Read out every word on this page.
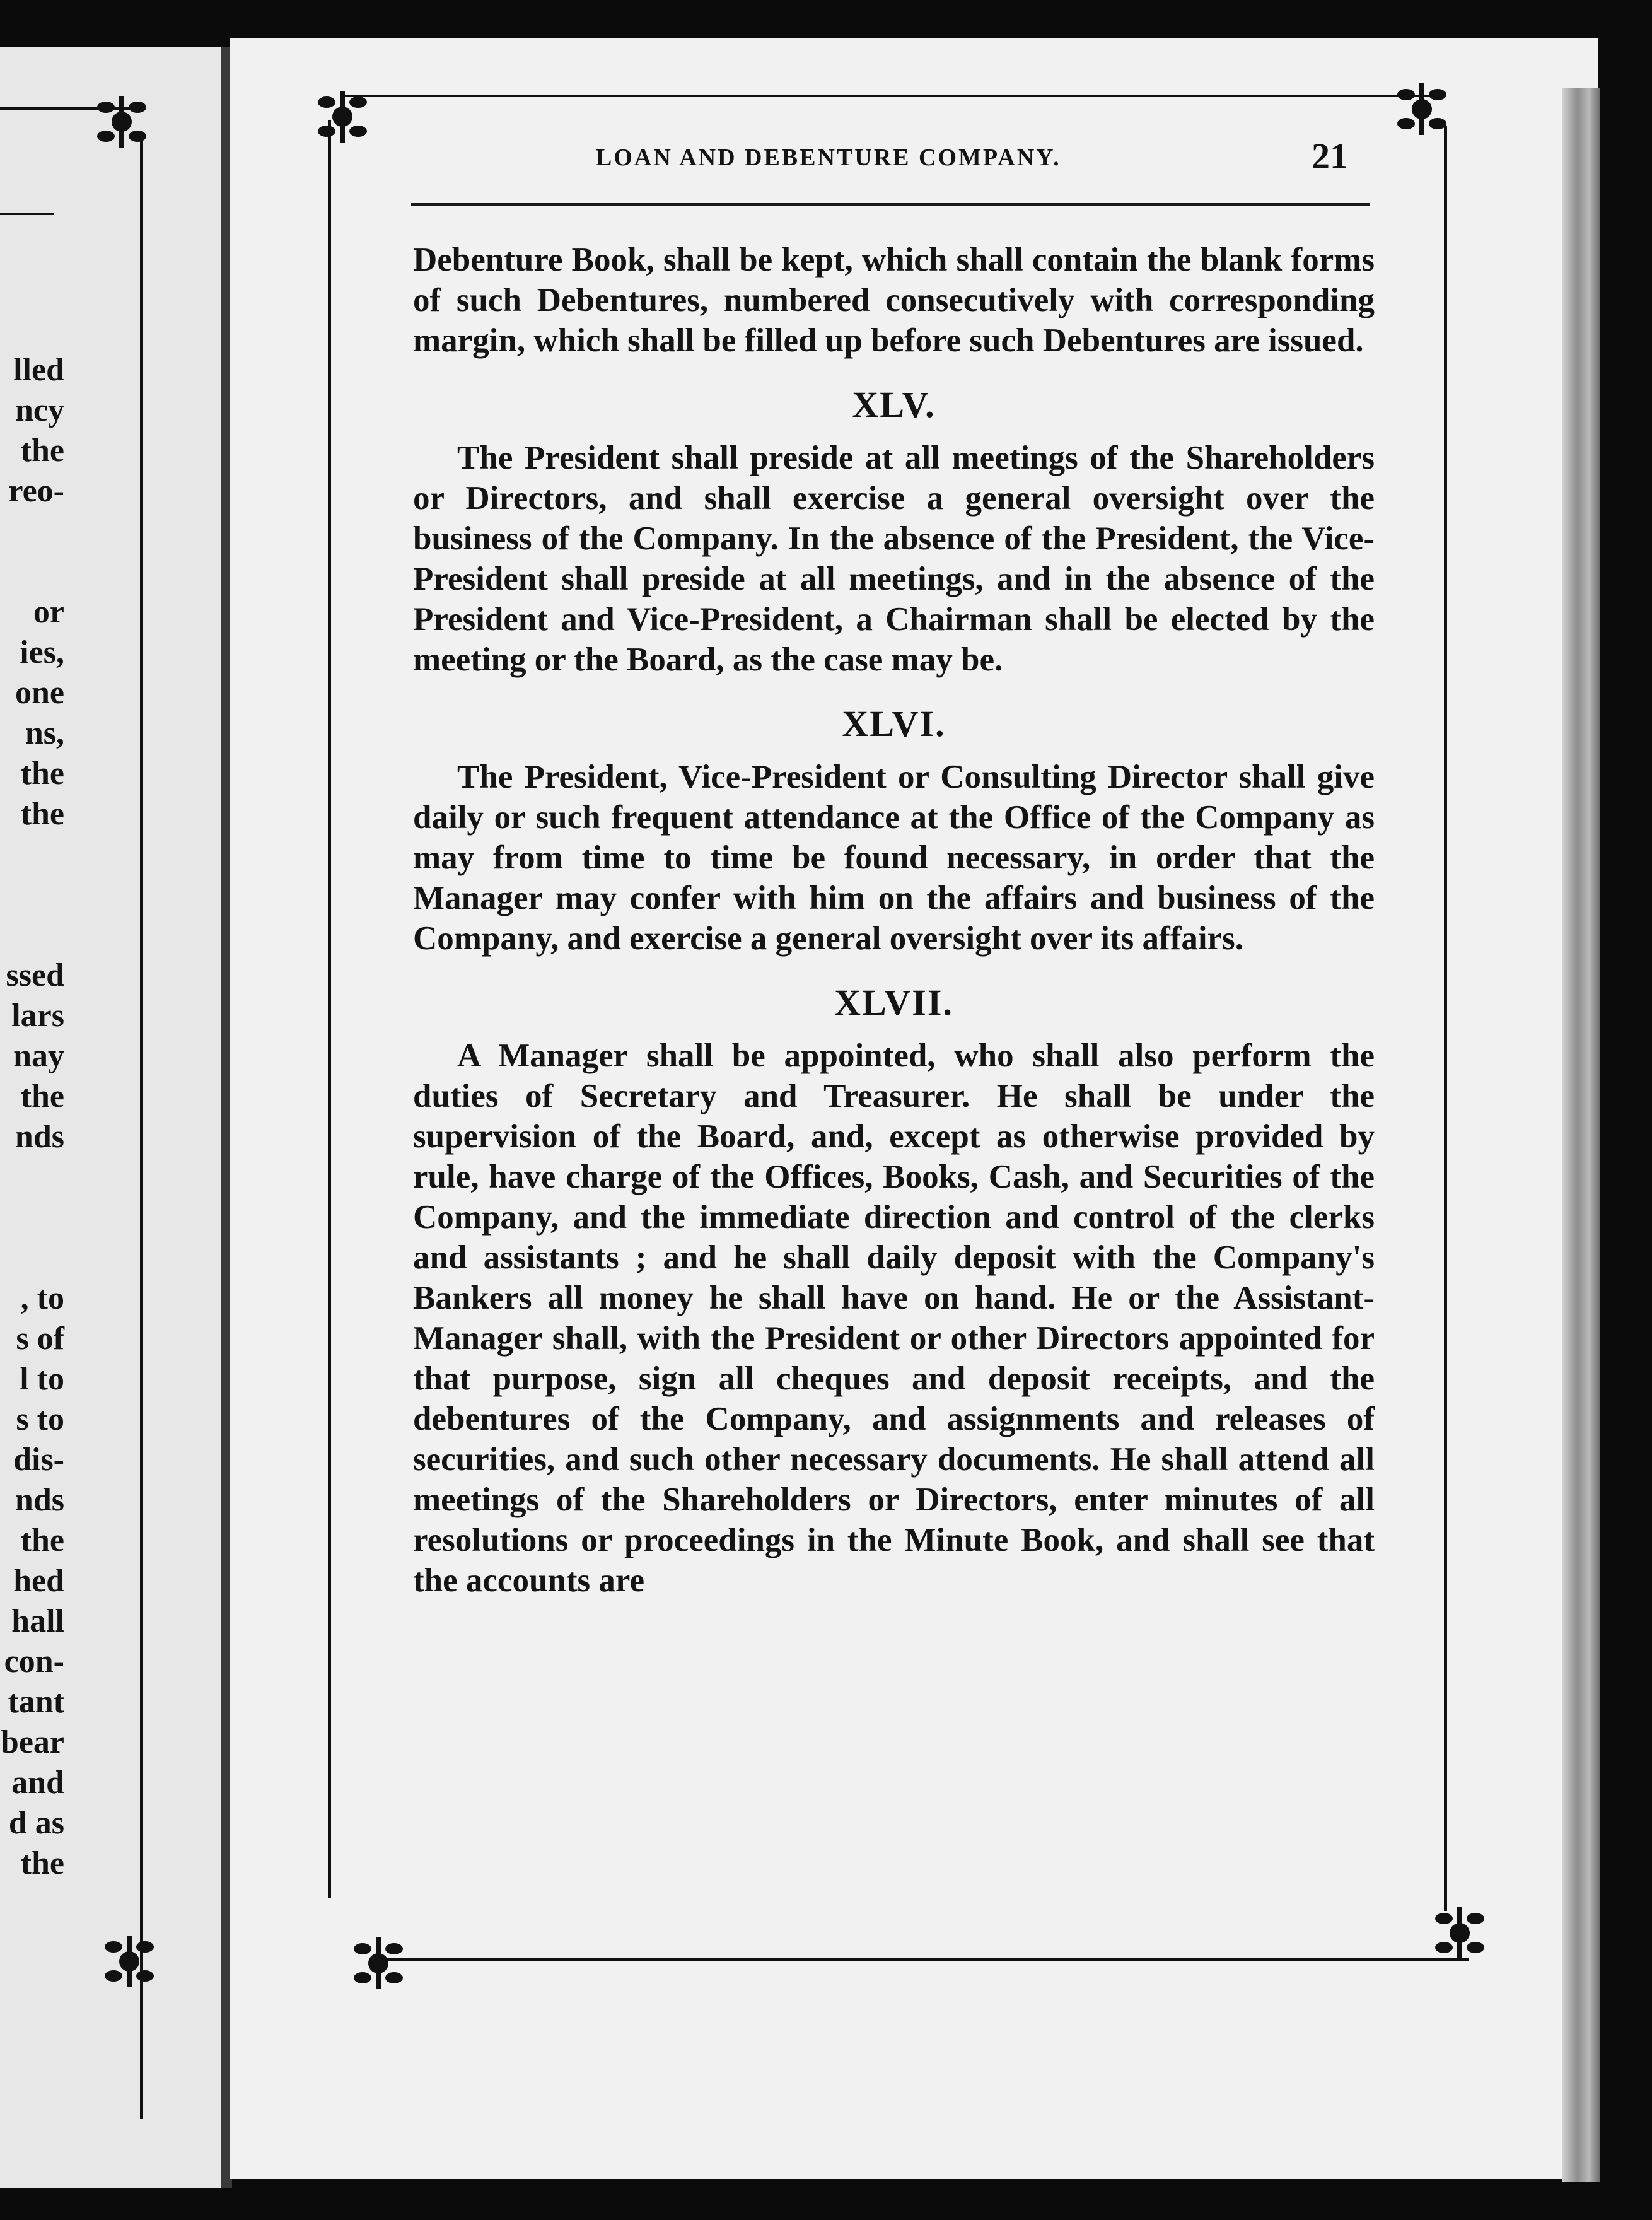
lled
ncy
the
reo-

or
ies,
one
ns,
the
the

ssed
lars
nay
the
nds

, to
s of
l to
s to
dis-
nds
the
hed
hall
con-
tant
bear
and
d as
the
LOAN AND DEBENTURE COMPANY.	21

Debenture Book, shall be kept, which shall contain the blank forms of such Debentures, numbered consecutively with corresponding margin, which shall be filled up before such Debentures are issued.

XLV.

The President shall preside at all meetings of the Shareholders or Directors, and shall exercise a general oversight over the business of the Company. In the absence of the President, the Vice-President shall preside at all meetings, and in the absence of the President and Vice-President, a Chairman shall be elected by the meeting or the Board, as the case may be.

XLVI.

The President, Vice-President or Consulting Director shall give daily or such frequent attendance at the Office of the Company as may from time to time be found necessary, in order that the Manager may confer with him on the affairs and business of the Company, and exercise a general oversight over its affairs.

XLVII.

A Manager shall be appointed, who shall also perform the duties of Secretary and Treasurer. He shall be under the supervision of the Board, and, except as otherwise provided by rule, have charge of the Offices, Books, Cash, and Securities of the Company, and the immediate direction and control of the clerks and assistants ; and he shall daily deposit with the Company's Bankers all money he shall have on hand. He or the Assistant-Manager shall, with the President or other Directors appointed for that purpose, sign all cheques and deposit receipts, and the debentures of the Company, and assignments and releases of securities, and such other necessary documents. He shall attend all meetings of the Shareholders or Directors, enter minutes of all resolutions or proceedings in the Minute Book, and shall see that the accounts are
